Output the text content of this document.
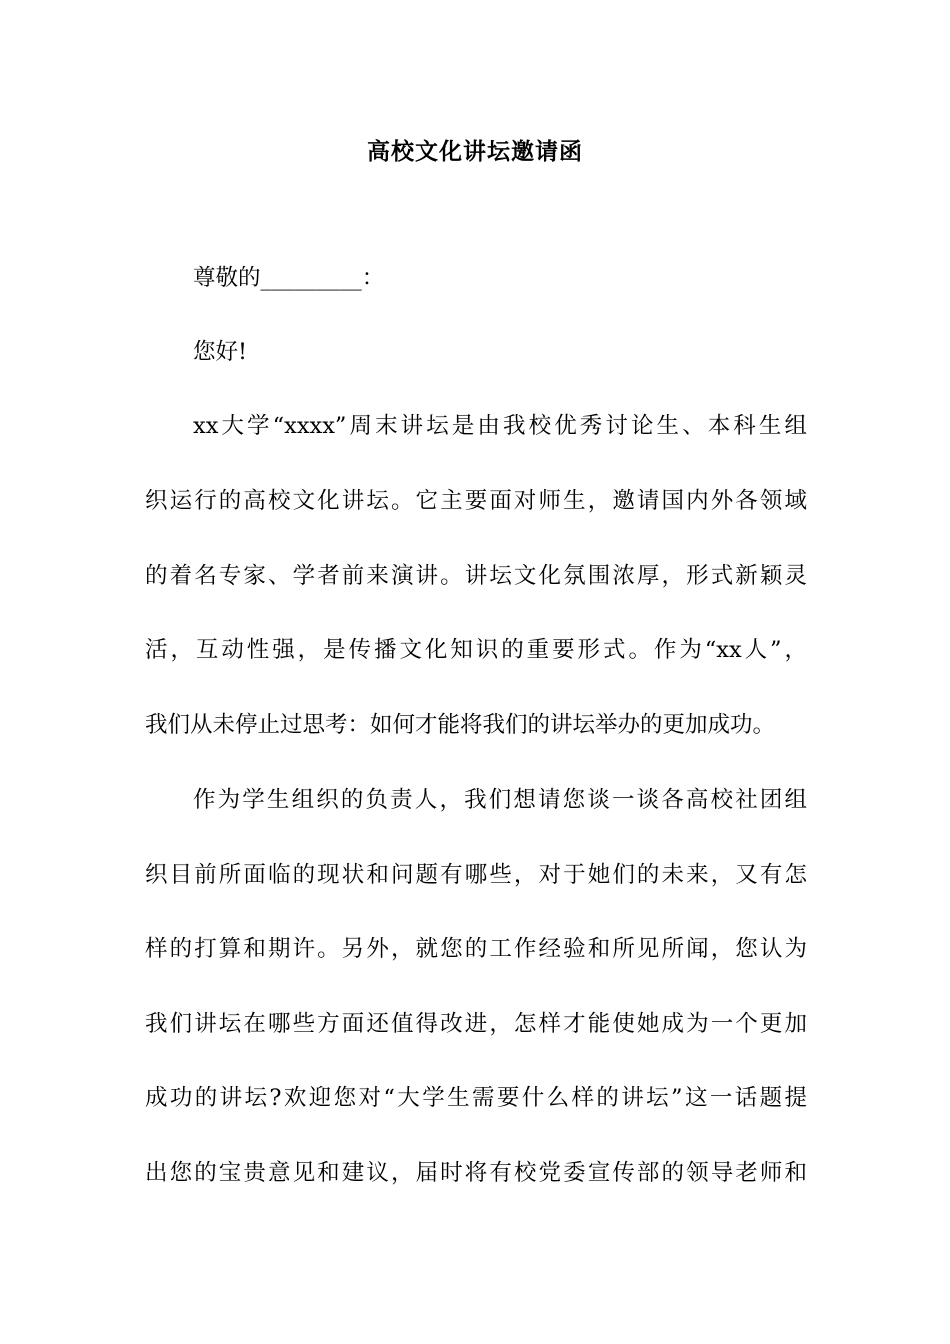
高校文化讲坛邀请函
尊敬的_________：
您好!
xx大学“xxxx”周末讲坛是由我校优秀讨论生、本科生组
织运行的高校文化讲坛。它主要面对师生，邀请国内外各领域
的着名专家、学者前来演讲。讲坛文化氛围浓厚，形式新颖灵
活，互动性强，是传播文化知识的重要形式。作为“xx人”，
我们从未停止过思考：如何才能将我们的讲坛举办的更加成功。
作为学生组织的负责人，我们想请您谈一谈各高校社团组
织目前所面临的现状和问题有哪些，对于她们的未来，又有怎
样的打算和期许。另外，就您的工作经验和所见所闻，您认为
我们讲坛在哪些方面还值得改进，怎样才能使她成为一个更加
成功的讲坛?欢迎您对“大学生需要什么样的讲坛”这一话题提
出您的宝贵意见和建议，届时将有校党委宣传部的领导老师和
